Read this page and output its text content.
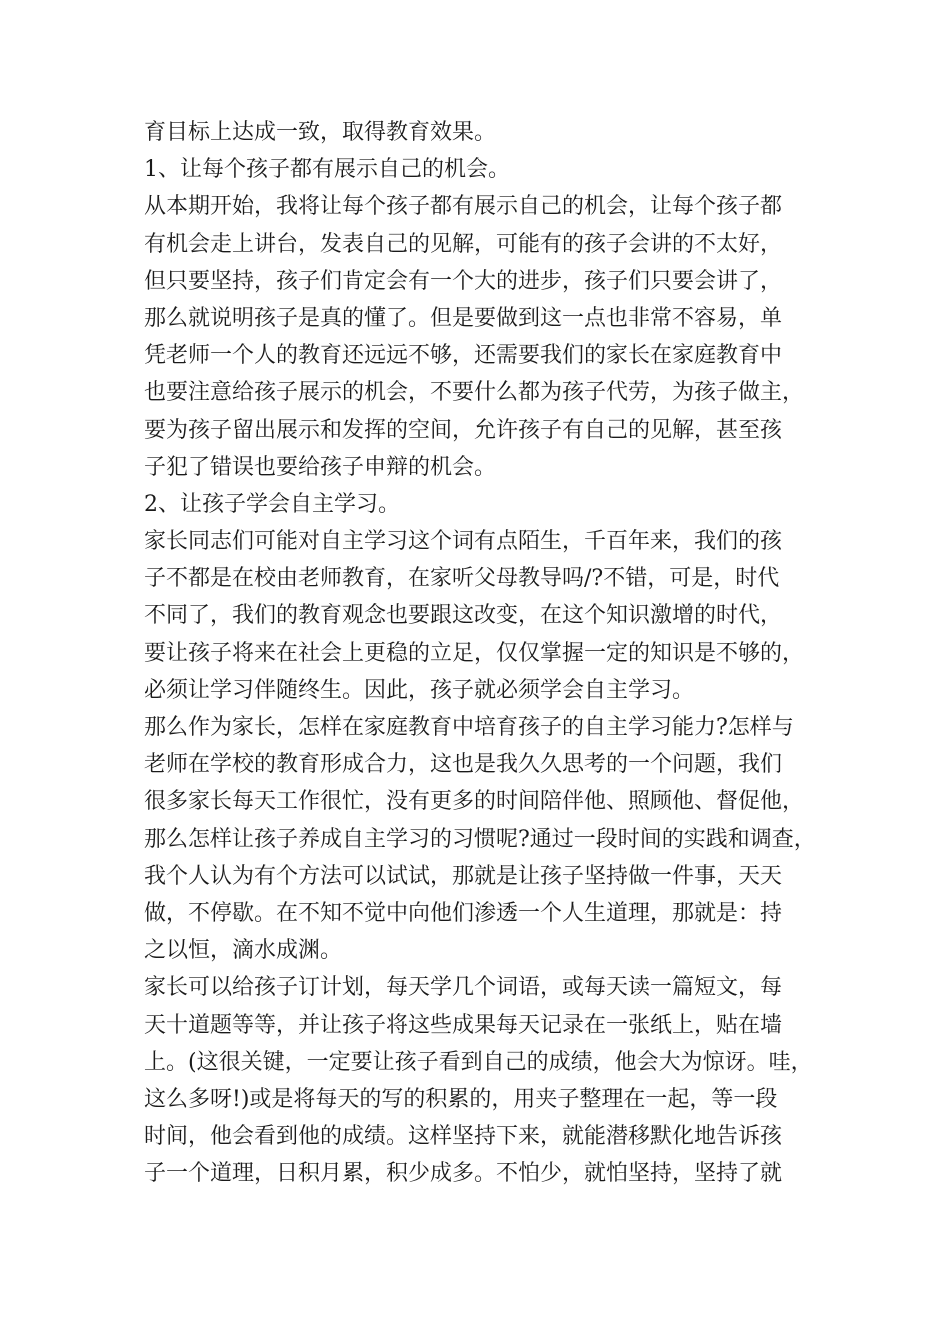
育目标上达成一致，取得教育效果。
1、让每个孩子都有展示自己的机会。
从本期开始，我将让每个孩子都有展示自己的机会，让每个孩子都
有机会走上讲台，发表自己的见解，可能有的孩子会讲的不太好，
但只要坚持，孩子们肯定会有一个大的进步，孩子们只要会讲了，
那么就说明孩子是真的懂了。但是要做到这一点也非常不容易，单
凭老师一个人的教育还远远不够，还需要我们的家长在家庭教育中
也要注意给孩子展示的机会，不要什么都为孩子代劳，为孩子做主，
要为孩子留出展示和发挥的空间，允许孩子有自己的见解，甚至孩
子犯了错误也要给孩子申辩的机会。
2、让孩子学会自主学习。
家长同志们可能对自主学习这个词有点陌生，千百年来，我们的孩
子不都是在校由老师教育，在家听父母教导吗/?不错，可是，时代
不同了，我们的教育观念也要跟这改变，在这个知识激增的时代，
要让孩子将来在社会上更稳的立足，仅仅掌握一定的知识是不够的，
必须让学习伴随终生。因此，孩子就必须学会自主学习。
那么作为家长，怎样在家庭教育中培育孩子的自主学习能力?怎样与
老师在学校的教育形成合力，这也是我久久思考的一个问题，我们
很多家长每天工作很忙，没有更多的时间陪伴他、照顾他、督促他，
那么怎样让孩子养成自主学习的习惯呢?通过一段时间的实践和调查，
我个人认为有个方法可以试试，那就是让孩子坚持做一件事，天天
做，不停歇。在不知不觉中向他们渗透一个人生道理，那就是：持
之以恒，滴水成渊。
家长可以给孩子订计划，每天学几个词语，或每天读一篇短文，每
天十道题等等，并让孩子将这些成果每天记录在一张纸上，贴在墙
上。(这很关键，一定要让孩子看到自己的成绩，他会大为惊讶。哇，
这么多呀!)或是将每天的写的积累的，用夹子整理在一起，等一段
时间，他会看到他的成绩。这样坚持下来，就能潜移默化地告诉孩
子一个道理，日积月累，积少成多。不怕少，就怕坚持，坚持了就
